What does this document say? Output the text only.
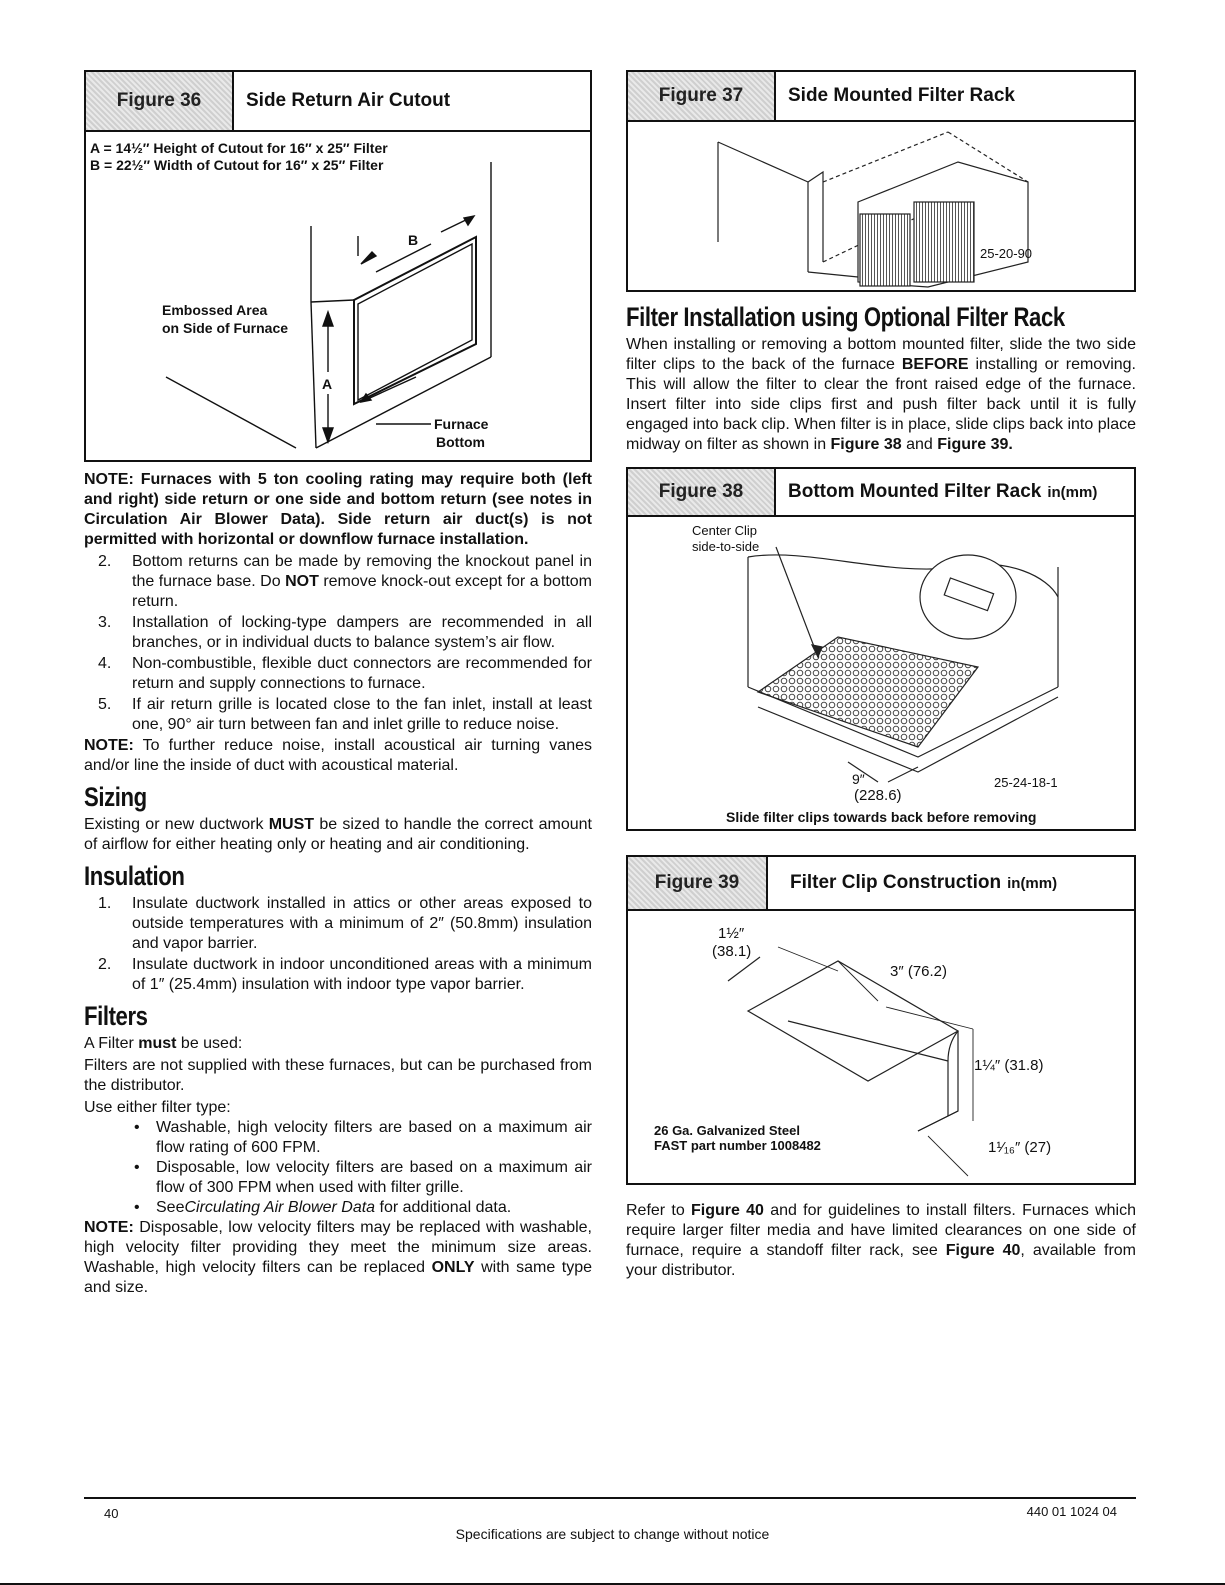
Figure 36	Side Return Air Cutout
A = 14½″ Height of Cutout for 16″ x 25″ Filter
B = 22½″ Width of Cutout for 16″ x 25″ Filter
B
A
Embossed Area
on Side of Furnace
Furnace
Bottom
NOTE: Furnaces with 5 ton cooling rating may require both (left and right) side return or one side and bottom return (see notes in Circulation Air Blower Data). Side return air duct(s) is not permitted with horizontal or downflow furnace installation.
2. Bottom returns can be made by removing the knockout panel in the furnace base. Do NOT remove knock-out except for a bottom return.
3. Installation of locking-type dampers are recommended in all branches, or in individual ducts to balance system’s air flow.
4. Non-combustible, flexible duct connectors are recommended for return and supply connections to furnace.
5. If air return grille is located close to the fan inlet, install at least one, 90° air turn between fan and inlet grille to reduce noise.

NOTE: To further reduce noise, install acoustical air turning vanes and/or line the inside of duct with acoustical material.

Sizing

Existing or new ductwork MUST be sized to handle the correct amount of airflow for either heating only or heating and air conditioning.

Insulation
1. Insulate ductwork installed in attics or other areas exposed to outside temperatures with a minimum of 2″ (50.8mm) insulation and vapor barrier.
2. Insulate ductwork in indoor unconditioned areas with a minimum of 1″ (25.4mm) insulation with indoor type vapor barrier.
Filters

A Filter must be used:

Filters are not supplied with these furnaces, but can be purchased from the distributor.

Use either filter type:

• Washable, high velocity filters are based on a maximum air flow rating of 600 FPM.
• Disposable, low velocity filters are based on a maximum air flow of 300 FPM when used with filter grille.
• SeeCirculating Air Blower Data for additional data.

NOTE: Disposable, low velocity filters may be replaced with washable, high velocity filter providing they meet the minimum size areas. Washable, high velocity filters can be replaced ONLY with same type and size.

Figure 37	Side Mounted Filter Rack
25-20-90
Filter Installation using Optional Filter Rack

When installing or removing a bottom mounted filter, slide the two side filter clips to the back of the furnace BEFORE installing or removing. This will allow the filter to clear the front raised edge of the furnace. Insert filter into side clips first and push filter back until it is fully engaged into back clip. When filter is in place, slide clips back into place midway on filter as shown in Figure 38 and Figure 39.

Figure 38	Bottom Mounted Filter Rack in(mm)
Center Clip
side-to-side
9″
(228.6)
25-24-18-1
Slide filter clips towards back before removing
Figure 39	Filter Clip Construction in(mm)
1½″
(38.1)
3″ (76.2)
1¼″ (31.8)
1¹⁄₁₆″ (27)
26 Ga. Galvanized Steel
FAST part number 1008482

Refer to Figure 40 and for guidelines to install filters. Furnaces which require larger filter media and have limited clearances on one side of furnace, require a standoff filter rack, see Figure 40, available from your distributor.

40	440 01 1024 04
Specifications are subject to change without notice
